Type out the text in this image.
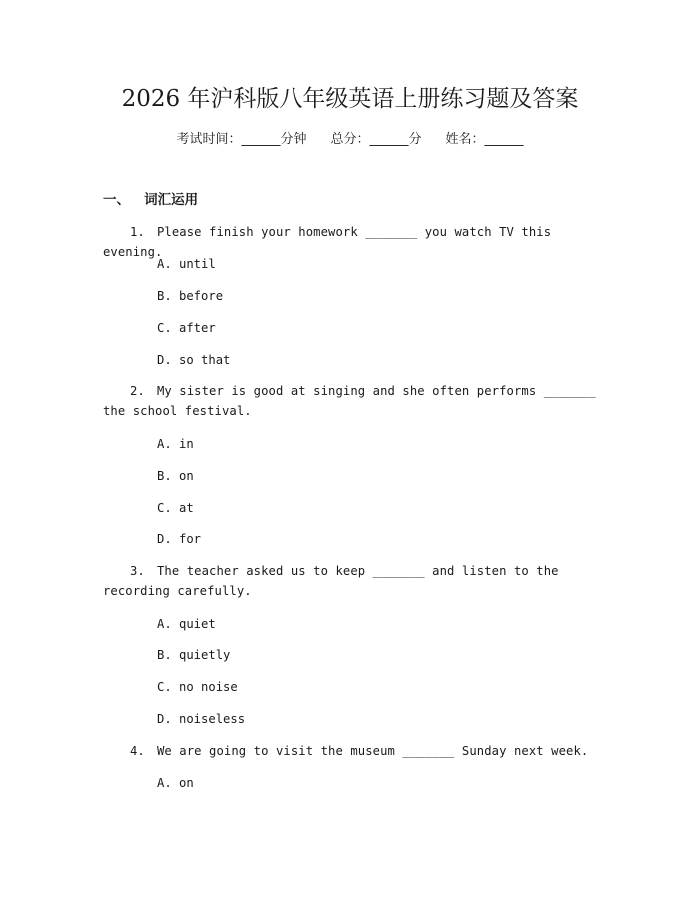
2026 年沪科版八年级英语上册练习题及答案
考试时间：______分钟 总分：______分 姓名：______
一、 词汇运用
1. Please finish your homework _______ you watch TV this evening.
A. until
B. before
C. after
D. so that
2. My sister is good at singing and she often performs _______ the school festival.
A. in
B. on
C. at
D. for
3. The teacher asked us to keep _______ and listen to the recording carefully.
A. quiet
B. quietly
C. no noise
D. noiseless
4. We are going to visit the museum _______ Sunday next week.
A. on
